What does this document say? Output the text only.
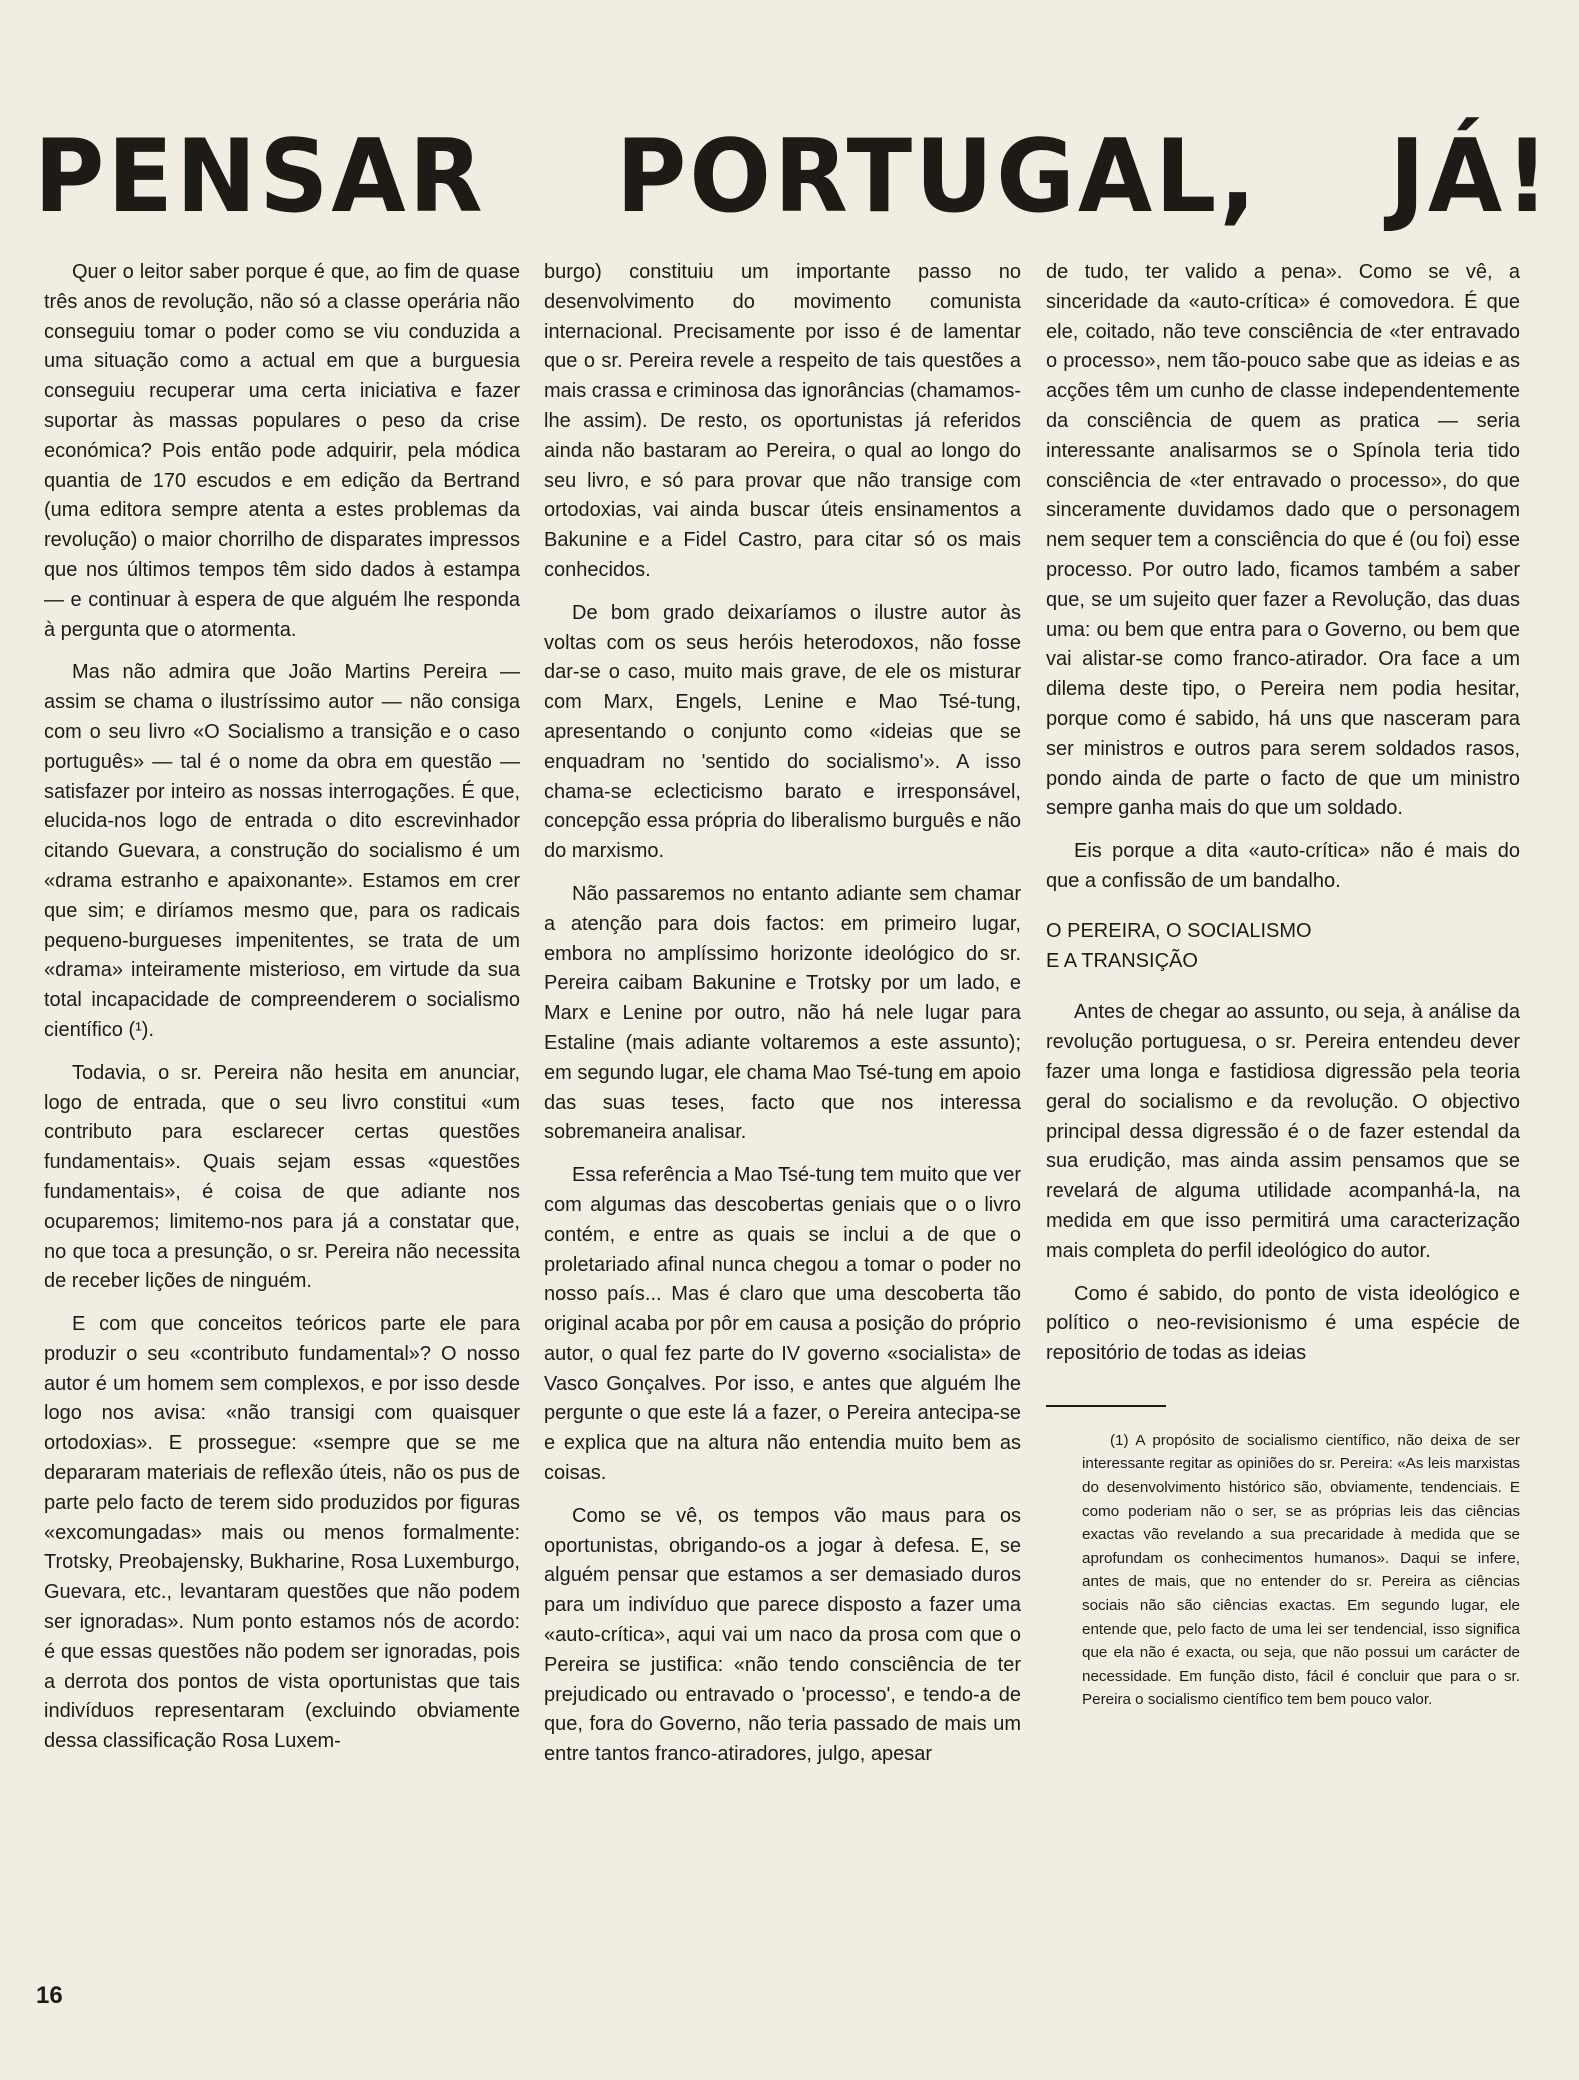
PENSAR PORTUGAL, JÁ!

Quer o leitor saber porque é que, ao fim de quase três anos de revolução, não só a classe operária não conseguiu tomar o poder como se viu conduzida a uma situação como a actual em que a burguesia conseguiu recuperar uma certa iniciativa e fazer suportar às massas populares o peso da crise económica? Pois então pode adquirir, pela módica quantia de 170 escudos e em edição da Bertrand (uma editora sempre atenta a estes problemas da revolução) o maior chorrilho de disparates impressos que nos últimos tempos têm sido dados à estampa — e continuar à espera de que alguém lhe responda à pergunta que o atormenta.

Mas não admira que João Martins Pereira — assim se chama o ilustríssimo autor — não consiga com o seu livro «O Socialismo a transição e o caso português» — tal é o nome da obra em questão — satisfazer por inteiro as nossas interrogações. É que, elucida-nos logo de entrada o dito escrevinhador citando Guevara, a construção do socialismo é um «drama estranho e apaixonante». Estamos em crer que sim; e diríamos mesmo que, para os radicais pequeno-burgueses impenitentes, se trata de um «drama» inteiramente misterioso, em virtude da sua total incapacidade de compreenderem o socialismo científico (¹).

Todavia, o sr. Pereira não hesita em anunciar, logo de entrada, que o seu livro constitui «um contributo para esclarecer certas questões fundamentais». Quais sejam essas «questões fundamentais», é coisa de que adiante nos ocuparemos; limitemo-nos para já a constatar que, no que toca a presunção, o sr. Pereira não necessita de receber lições de ninguém.

E com que conceitos teóricos parte ele para produzir o seu «contributo fundamental»? O nosso autor é um homem sem complexos, e por isso desde logo nos avisa: «não transigi com quaisquer ortodoxias». E prossegue: «sempre que se me depararam materiais de reflexão úteis, não os pus de parte pelo facto de terem sido produzidos por figuras «excomungadas» mais ou menos formalmente: Trotsky, Preobajensky, Bukharine, Rosa Luxemburgo, Guevara, etc., levantaram questões que não podem ser ignoradas». Num ponto estamos nós de acordo: é que essas questões não podem ser ignoradas, pois a derrota dos pontos de vista oportunistas que tais indivíduos representaram (excluindo obviamente dessa classificação Rosa Luxem-

burgo) constituiu um importante passo no desenvolvimento do movimento comunista internacional. Precisamente por isso é de lamentar que o sr. Pereira revele a respeito de tais questões a mais crassa e criminosa das ignorâncias (chamamos-lhe assim). De resto, os oportunistas já referidos ainda não bastaram ao Pereira, o qual ao longo do seu livro, e só para provar que não transige com ortodoxias, vai ainda buscar úteis ensinamentos a Bakunine e a Fidel Castro, para citar só os mais conhecidos.

De bom grado deixaríamos o ilustre autor às voltas com os seus heróis heterodoxos, não fosse dar-se o caso, muito mais grave, de ele os misturar com Marx, Engels, Lenine e Mao Tsé-tung, apresentando o conjunto como «ideias que se enquadram no 'sentido do socialismo'». A isso chama-se eclecticismo barato e irresponsável, concepção essa própria do liberalismo burguês e não do marxismo.

Não passaremos no entanto adiante sem chamar a atenção para dois factos: em primeiro lugar, embora no amplíssimo horizonte ideológico do sr. Pereira caibam Bakunine e Trotsky por um lado, e Marx e Lenine por outro, não há nele lugar para Estaline (mais adiante voltaremos a este assunto); em segundo lugar, ele chama Mao Tsé-tung em apoio das suas teses, facto que nos interessa sobremaneira analisar.

Essa referência a Mao Tsé-tung tem muito que ver com algumas das descobertas geniais que o o livro contém, e entre as quais se inclui a de que o proletariado afinal nunca chegou a tomar o poder no nosso país... Mas é claro que uma descoberta tão original acaba por pôr em causa a posição do próprio autor, o qual fez parte do IV governo «socialista» de Vasco Gonçalves. Por isso, e antes que alguém lhe pergunte o que este lá a fazer, o Pereira antecipa-se e explica que na altura não entendia muito bem as coisas.

Como se vê, os tempos vão maus para os oportunistas, obrigando-os a jogar à defesa. E, se alguém pensar que estamos a ser demasiado duros para um indivíduo que parece disposto a fazer uma «auto-crítica», aqui vai um naco da prosa com que o Pereira se justifica: «não tendo consciência de ter prejudicado ou entravado o 'processo', e tendo-a de que, fora do Governo, não teria passado de mais um entre tantos franco-atiradores, julgo, apesar

de tudo, ter valido a pena». Como se vê, a sinceridade da «auto-crítica» é comovedora. É que ele, coitado, não teve consciência de «ter entravado o processo», nem tão-pouco sabe que as ideias e as acções têm um cunho de classe independentemente da consciência de quem as pratica — seria interessante analisarmos se o Spínola teria tido consciência de «ter entravado o processo», do que sinceramente duvidamos dado que o personagem nem sequer tem a consciência do que é (ou foi) esse processo. Por outro lado, ficamos também a saber que, se um sujeito quer fazer a Revolução, das duas uma: ou bem que entra para o Governo, ou bem que vai alistar-se como franco-atirador. Ora face a um dilema deste tipo, o Pereira nem podia hesitar, porque como é sabido, há uns que nasceram para ser ministros e outros para serem soldados rasos, pondo ainda de parte o facto de que um ministro sempre ganha mais do que um soldado.

Eis porque a dita «auto-crítica» não é mais do que a confissão de um bandalho.

O PEREIRA, O SOCIALISMO
E A TRANSIÇÃO

Antes de chegar ao assunto, ou seja, à análise da revolução portuguesa, o sr. Pereira entendeu dever fazer uma longa e fastidiosa digressão pela teoria geral do socialismo e da revolução. O objectivo principal dessa digressão é o de fazer estendal da sua erudição, mas ainda assim pensamos que se revelará de alguma utilidade acompanhá-la, na medida em que isso permitirá uma caracterização mais completa do perfil ideológico do autor.

Como é sabido, do ponto de vista ideológico e político o neo-revisionismo é uma espécie de repositório de todas as ideias

(1) A propósito de socialismo científico, não deixa de ser interessante regitar as opiniões do sr. Pereira: «As leis marxistas do desenvolvimento histórico são, obviamente, tendenciais. E como poderiam não o ser, se as próprias leis das ciências exactas vão revelando a sua precaridade à medida que se aprofundam os conhecimentos humanos». Daqui se infere, antes de mais, que no entender do sr. Pereira as ciências sociais não são ciências exactas. Em segundo lugar, ele entende que, pelo facto de uma lei ser tendencial, isso significa que ela não é exacta, ou seja, que não possui um carácter de necessidade. Em função disto, fácil é concluir que para o sr. Pereira o socialismo científico tem bem pouco valor.

16
